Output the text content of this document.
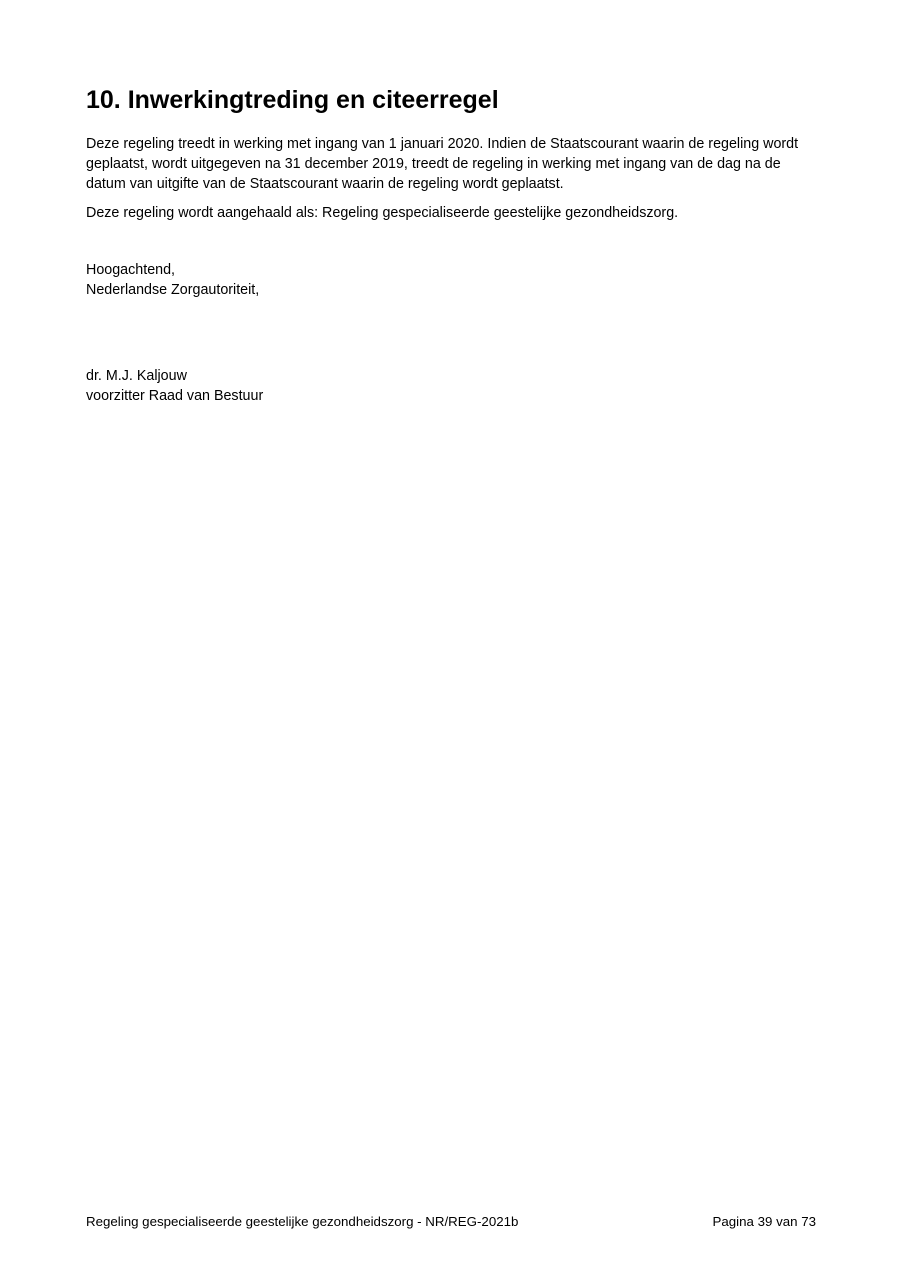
10. Inwerkingtreding en citeerregel

Deze regeling treedt in werking met ingang van 1 januari 2020. Indien de Staatscourant waarin de regeling wordt geplaatst, wordt uitgegeven na 31 december 2019, treedt de regeling in werking met ingang van de dag na de datum van uitgifte van de Staatscourant waarin de regeling wordt geplaatst.

Deze regeling wordt aangehaald als: Regeling gespecialiseerde geestelijke gezondheidszorg.

Hoogachtend,
Nederlandse Zorgautoriteit,
dr. M.J. Kaljouw
voorzitter Raad van Bestuur
Regeling gespecialiseerde geestelijke gezondheidszorg - NR/REG-2021b	Pagina 39 van 73
